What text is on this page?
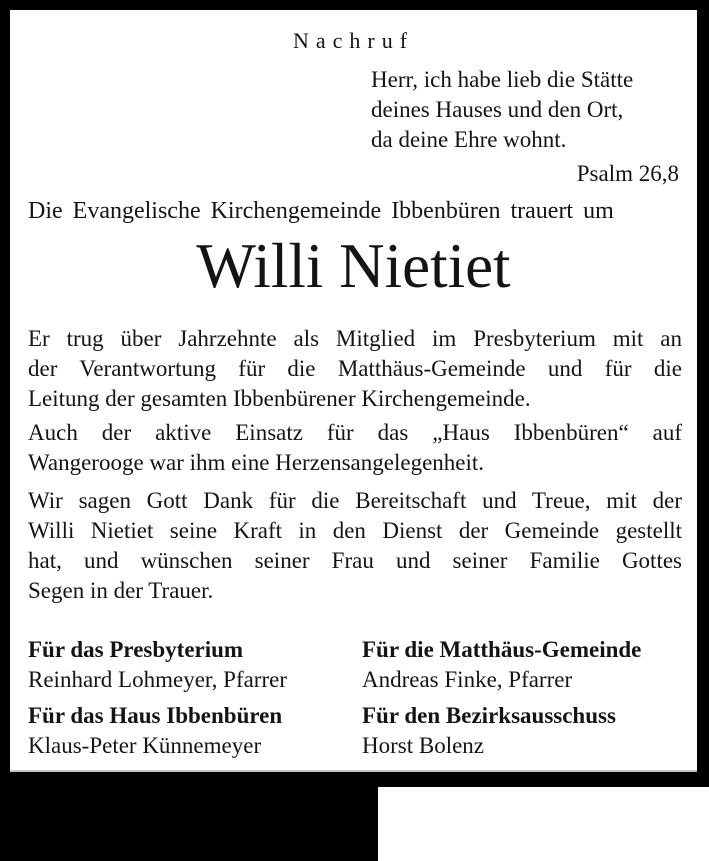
Nachruf
Herr, ich habe lieb die Stätte
deines Hauses und den Ort,
da deine Ehre wohnt.
Psalm 26,8
Die Evangelische Kirchengemeinde Ibbenbüren trauert um
Willi Nietiet

Er trug über Jahrzehnte als Mitglied im Presbyterium mit an
der Verantwortung für die Matthäus-Gemeinde und für die
Leitung der gesamten Ibbenbürener Kirchengemeinde.

Auch der aktive Einsatz für das „Haus Ibbenbüren“ auf
Wangerooge war ihm eine Herzensangelegenheit.

Wir sagen Gott Dank für die Bereitschaft und Treue, mit der
Willi Nietiet seine Kraft in den Dienst der Gemeinde gestellt
hat, und wünschen seiner Frau und seiner Familie Gottes
Segen in der Trauer.

Für das Presbyterium
Reinhard Lohmeyer, Pfarrer
Für das Haus Ibbenbüren
Klaus-Peter Künnemeyer
Für die Matthäus-Gemeinde
Andreas Finke, Pfarrer
Für den Bezirksausschuss
Horst Bolenz
